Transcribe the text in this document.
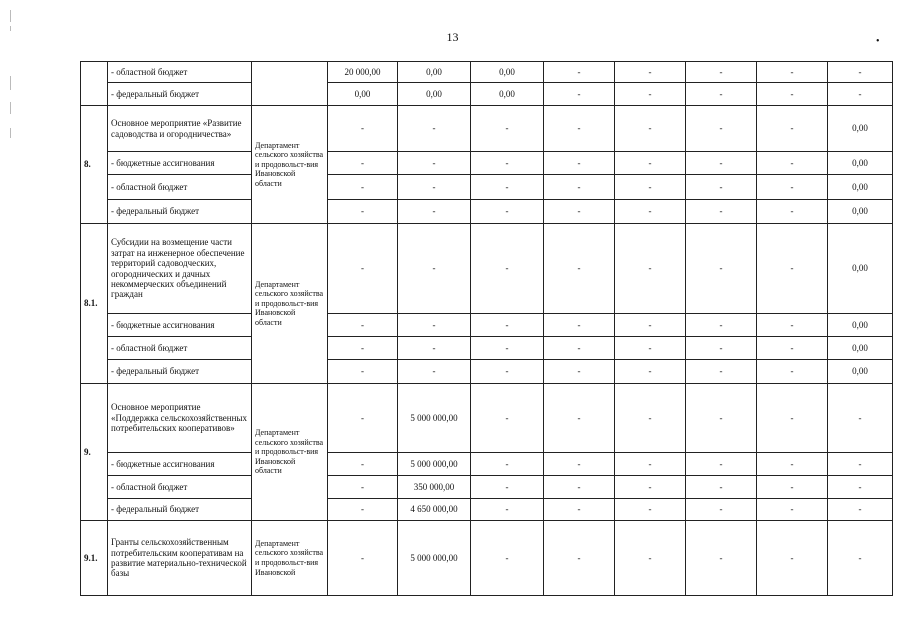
13	•
	- областной бюджет		20 000,00	0,00	0,00	-	-	-	-	-
	- федеральный бюджет		0,00	0,00	0,00	-	-	-	-	-
8.	Основное мероприятие «Развитие садоводства и огородничества»	Департамент сельского хозяйства и продовольст-вия Ивановской области	-	-	-	-	-	-	-	0,00
	- бюджетные ассигнования		-	-	-	-	-	-	-	0,00
	- областной бюджет		-	-	-	-	-	-	-	0,00
	- федеральный бюджет		-	-	-	-	-	-	-	0,00
8.1.	Субсидии на возмещение части затрат на инженерное обеспечение территорий садоводческих, огороднических и дачных некоммерческих объединений граждан	Департамент сельского хозяйства и продовольст-вия Ивановской области	-	-	-	-	-	-	-	0,00
	- бюджетные ассигнования		-	-	-	-	-	-	-	0,00
	- областной бюджет		-	-	-	-	-	-	-	0,00
	- федеральный бюджет		-	-	-	-	-	-	-	0,00
9.	Основное мероприятие «Поддержка сельскохозяйственных потребительских кооперативов»	Департамент сельского хозяйства и продовольст-вия Ивановской области	-	5 000 000,00	-	-	-	-	-	-
	- бюджетные ассигнования		-	5 000 000,00	-	-	-	-	-	-
	- областной бюджет		-	350 000,00	-	-	-	-	-	-
	- федеральный бюджет		-	4 650 000,00	-	-	-	-	-	-
9.1.	Гранты сельскохозяйственным потребительским кооперативам на развитие материально-технической базы	Департамент сельского хозяйства и продовольст-вия Ивановской	-	5 000 000,00	-	-	-	-	-	-
